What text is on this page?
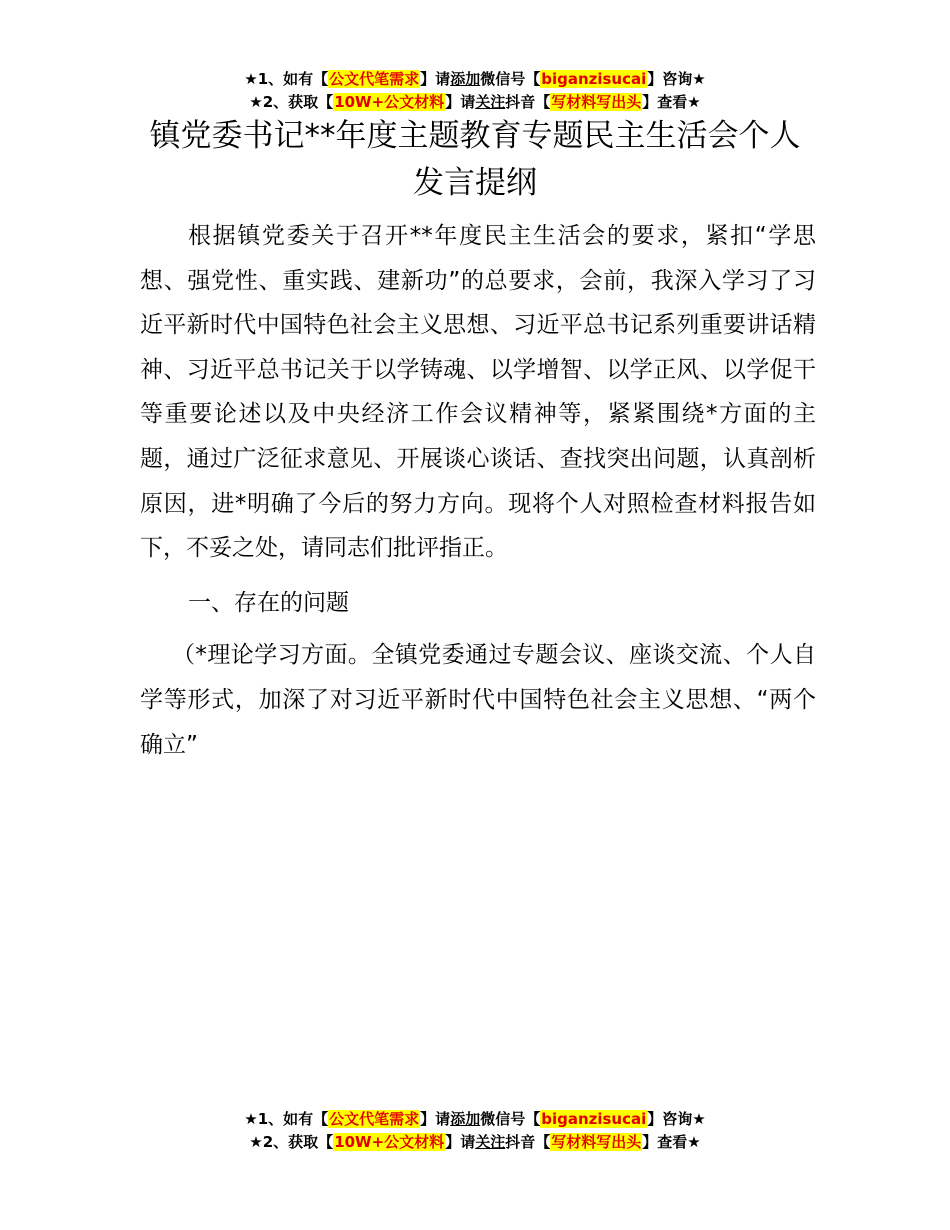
★1、如有【公文代笔需求】请添加微信号【biganzisucai】咨询★
★2、获取【10W+公文材料】请关注抖音【写材料写出头】查看★
镇党委书记**年度主题教育专题民主生活会个人发言提纲

根据镇党委关于召开**年度民主生活会的要求，紧扣“学思想、强党性、重实践、建新功”的总要求，会前，我深入学习了习近平新时代中国特色社会主义思想、习近平总书记系列重要讲话精神、习近平总书记关于以学铸魂、以学增智、以学正风、以学促干等重要论述以及中央经济工作会议精神等，紧紧围绕*方面的主题，通过广泛征求意见、开展谈心谈话、查找突出问题，认真剖析原因，进*明确了今后的努力方向。现将个人对照检查材料报告如下，不妥之处，请同志们批评指正。

一、存在的问题

（*理论学习方面。全镇党委通过专题会议、座谈交流、个人自学等形式，加深了对习近平新时代中国特色社会主义思想、“两个确立”

★1、如有【公文代笔需求】请添加微信号【biganzisucai】咨询★
★2、获取【10W+公文材料】请关注抖音【写材料写出头】查看★
